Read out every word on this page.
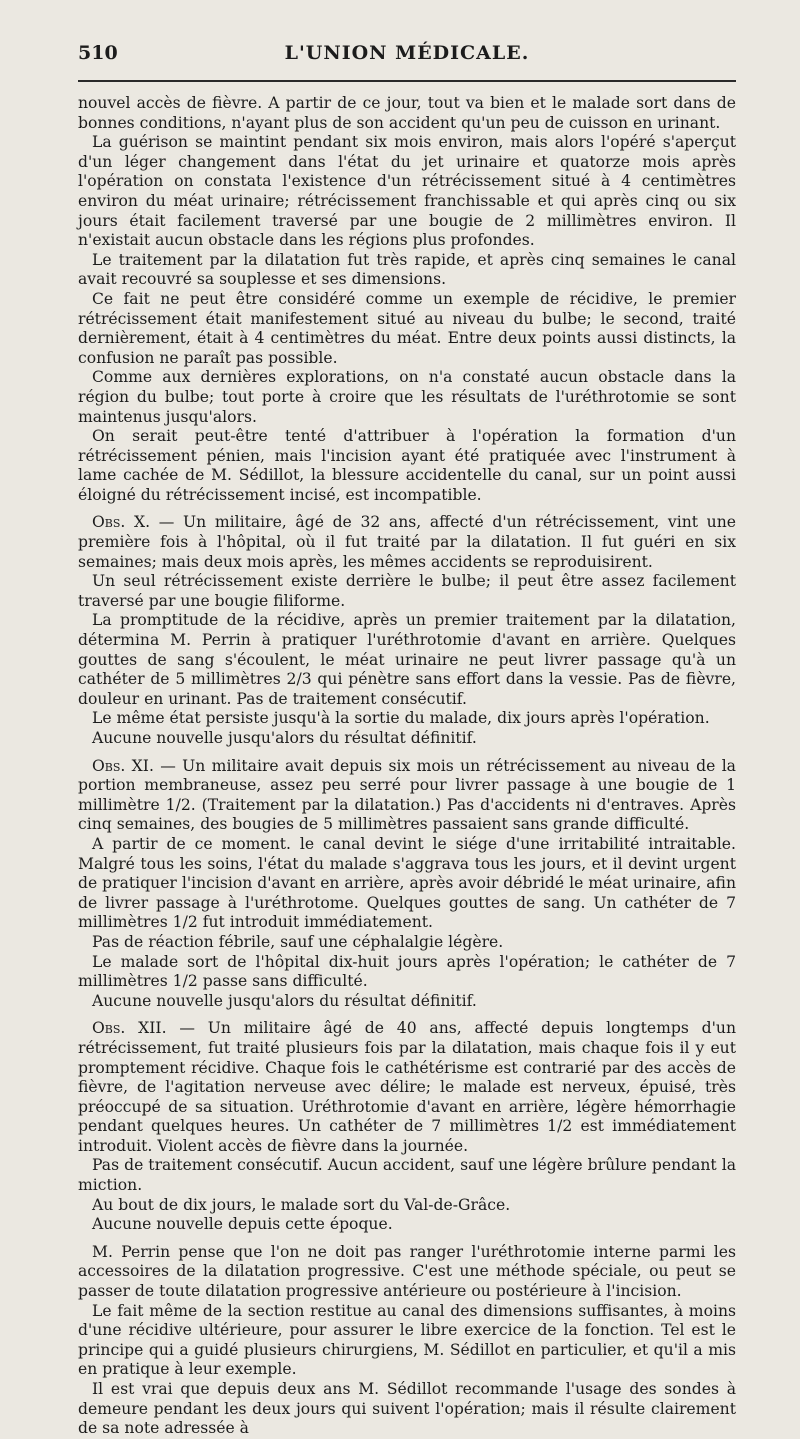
510	L'UNION MÉDICALE.

nouvel accès de fièvre. A partir de ce jour, tout va bien et le malade sort dans de bonnes conditions, n'ayant plus de son accident qu'un peu de cuisson en urinant.

La guérison se maintint pendant six mois environ, mais alors l'opéré s'aperçut d'un léger changement dans l'état du jet urinaire et quatorze mois après l'opération on constata l'existence d'un rétrécissement situé à 4 centimètres environ du méat urinaire; rétrécissement franchissable et qui après cinq ou six jours était facilement traversé par une bougie de 2 millimètres environ. Il n'existait aucun obstacle dans les régions plus profondes.

Le traitement par la dilatation fut très rapide, et après cinq semaines le canal avait recouvré sa souplesse et ses dimensions.

Ce fait ne peut être considéré comme un exemple de récidive, le premier rétrécissement était manifestement situé au niveau du bulbe; le second, traité dernièrement, était à 4 centimètres du méat. Entre deux points aussi distincts, la confusion ne paraît pas possible.

Comme aux dernières explorations, on n'a constaté aucun obstacle dans la région du bulbe; tout porte à croire que les résultats de l'uréthrotomie se sont maintenus jusqu'alors.

On serait peut-être tenté d'attribuer à l'opération la formation d'un rétrécissement pénien, mais l'incision ayant été pratiquée avec l'instrument à lame cachée de M. Sédillot, la blessure accidentelle du canal, sur un point aussi éloigné du rétrécissement incisé, est incompatible.

Obs. X. — Un militaire, âgé de 32 ans, affecté d'un rétrécissement, vint une première fois à l'hôpital, où il fut traité par la dilatation. Il fut guéri en six semaines; mais deux mois après, les mêmes accidents se reproduisirent.

Un seul rétrécissement existe derrière le bulbe; il peut être assez facilement traversé par une bougie filiforme.

La promptitude de la récidive, après un premier traitement par la dilatation, détermina M. Perrin à pratiquer l'uréthrotomie d'avant en arrière. Quelques gouttes de sang s'écoulent, le méat urinaire ne peut livrer passage qu'à un cathéter de 5 millimètres 2/3 qui pénètre sans effort dans la vessie. Pas de fièvre, douleur en urinant. Pas de traitement consécutif.

Le même état persiste jusqu'à la sortie du malade, dix jours après l'opération.

Aucune nouvelle jusqu'alors du résultat définitif.

Obs. XI. — Un militaire avait depuis six mois un rétrécissement au niveau de la portion membraneuse, assez peu serré pour livrer passage à une bougie de 1 millimètre 1/2. (Traitement par la dilatation.) Pas d'accidents ni d'entraves. Après cinq semaines, des bougies de 5 millimètres passaient sans grande difficulté.

A partir de ce moment. le canal devint le siége d'une irritabilité intraitable. Malgré tous les soins, l'état du malade s'aggrava tous les jours, et il devint urgent de pratiquer l'incision d'avant en arrière, après avoir débridé le méat urinaire, afin de livrer passage à l'uréthrotome. Quelques gouttes de sang. Un cathéter de 7 millimètres 1/2 fut introduit immédiatement.

Pas de réaction fébrile, sauf une céphalalgie légère.

Le malade sort de l'hôpital dix-huit jours après l'opération; le cathéter de 7 millimètres 1/2 passe sans difficulté.

Aucune nouvelle jusqu'alors du résultat définitif.

Obs. XII. — Un militaire âgé de 40 ans, affecté depuis longtemps d'un rétrécissement, fut traité plusieurs fois par la dilatation, mais chaque fois il y eut promptement récidive. Chaque fois le cathétérisme est contrarié par des accès de fièvre, de l'agitation nerveuse avec délire; le malade est nerveux, épuisé, très préoccupé de sa situation. Uréthrotomie d'avant en arrière, légère hémorrhagie pendant quelques heures. Un cathéter de 7 millimètres 1/2 est immédiatement introduit. Violent accès de fièvre dans la journée.

Pas de traitement consécutif. Aucun accident, sauf une légère brûlure pendant la miction.

Au bout de dix jours, le malade sort du Val-de-Grâce.

Aucune nouvelle depuis cette époque.

M. Perrin pense que l'on ne doit pas ranger l'uréthrotomie interne parmi les accessoires de la dilatation progressive. C'est une méthode spéciale, ou peut se passer de toute dilatation progressive antérieure ou postérieure à l'incision.

Le fait même de la section restitue au canal des dimensions suffisantes, à moins d'une récidive ultérieure, pour assurer le libre exercice de la fonction. Tel est le principe qui a guidé plusieurs chirurgiens, M. Sédillot en particulier, et qu'il a mis en pratique à leur exemple.

Il est vrai que depuis deux ans M. Sédillot recommande l'usage des sondes à demeure pendant les deux jours qui suivent l'opération; mais il résulte clairement de sa note adressée à
